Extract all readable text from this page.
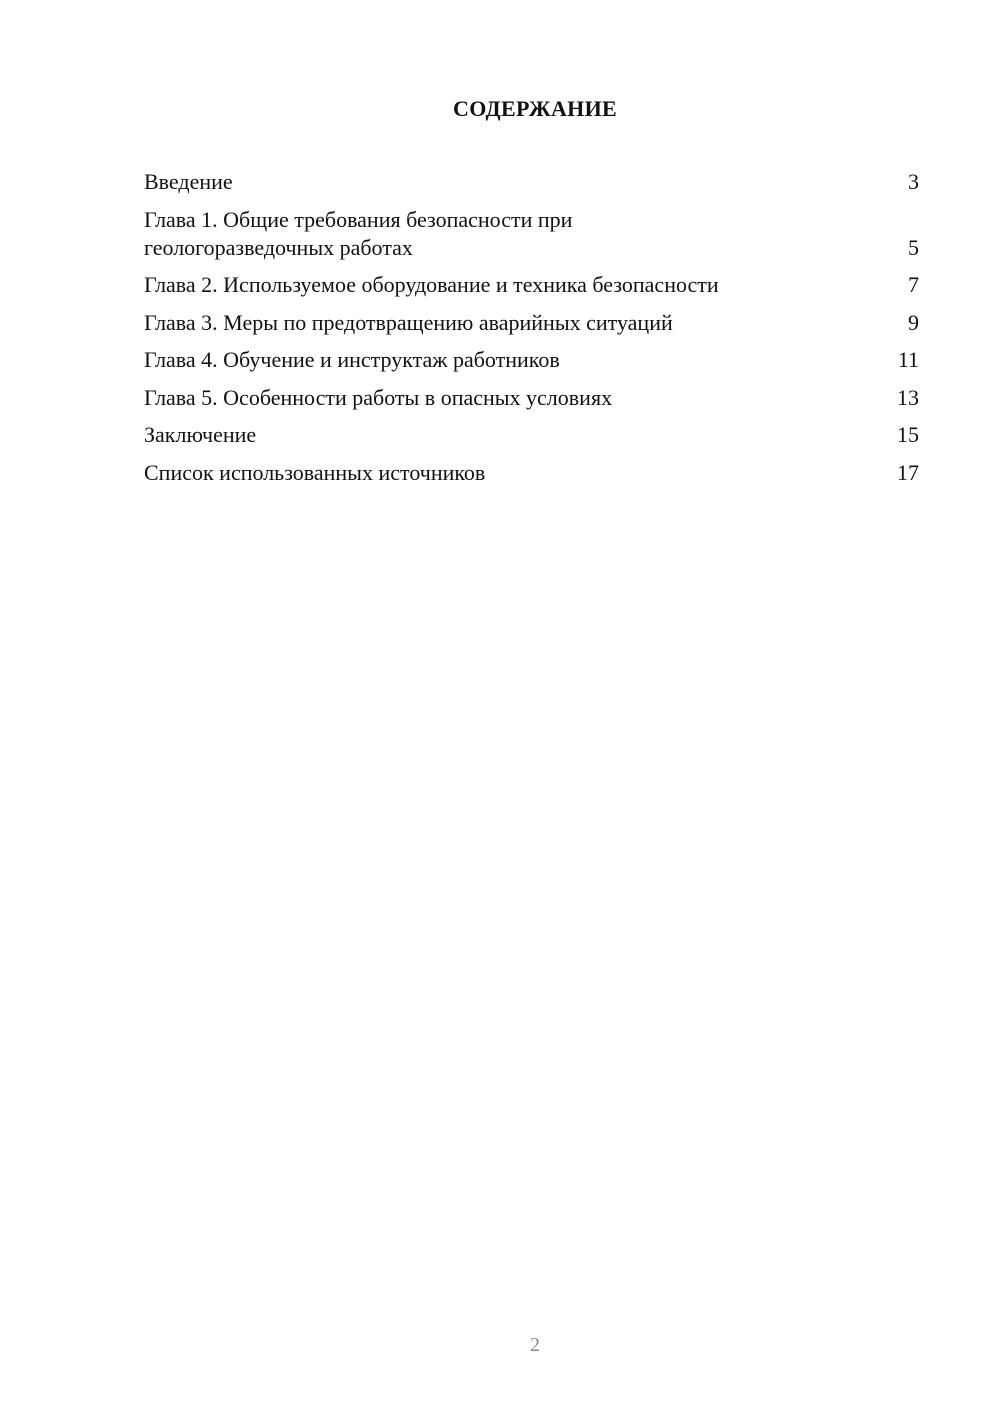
СОДЕРЖАНИЕ
Введение	3
Глава 1. Общие требования безопасности при
геологоразведочных работах	5
Глава 2. Используемое оборудование и техника безопасности	7
Глава 3. Меры по предотвращению аварийных ситуаций	9
Глава 4. Обучение и инструктаж работников	11
Глава 5. Особенности работы в опасных условиях	13
Заключение	15
Список использованных источников	17
2
